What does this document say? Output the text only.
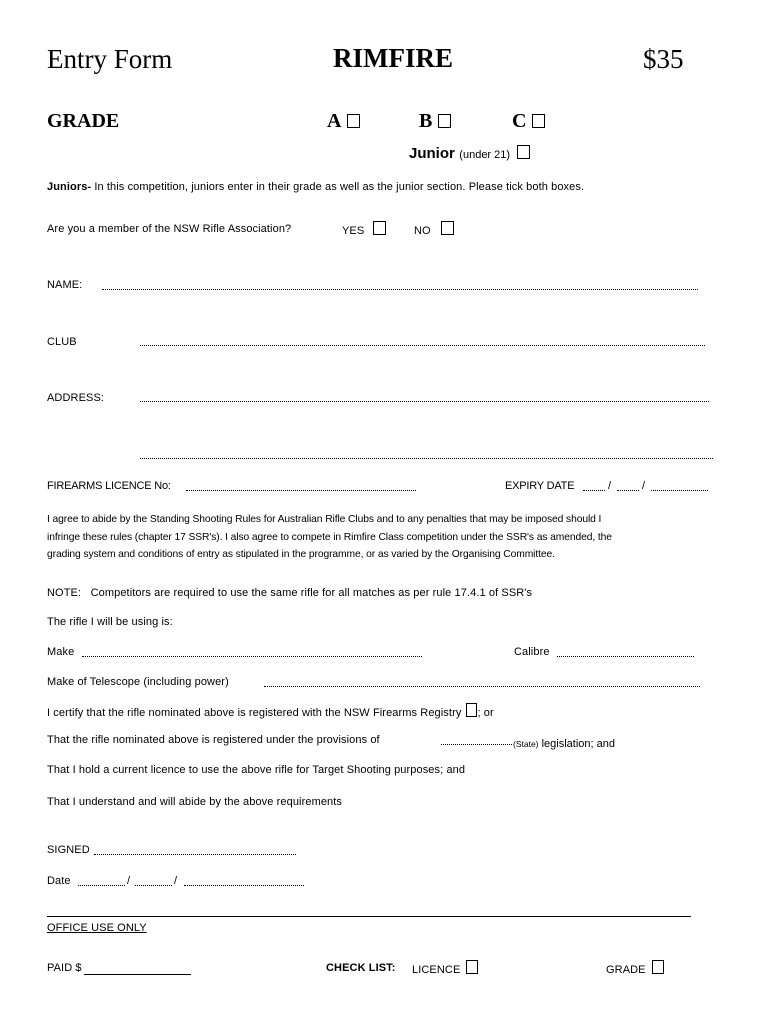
Entry Form	RIMFIRE	$35
GRADE	A	B	C
Junior (under 21)
Juniors- In this competition, juniors enter in their grade as well as the junior section. Please tick both boxes.
Are you a member of the NSW Rifle Association?	YES	NO
NAME:
CLUB
ADDRESS:
FIREARMS LICENCE No:	EXPIRY DATE	/	/
I agree to abide by the Standing Shooting Rules for Australian Rifle Clubs and to any penalties that may be imposed should I
infringe these rules (chapter 17 SSR's). I also agree to compete in Rimfire Class competition under the SSR's as amended, the
grading system and conditions of entry as stipulated in the programme, or as varied by the Organising Committee.
NOTE:   Competitors are required to use the same rifle for all matches as per rule 17.4.1 of SSR's
The rifle I will be using is:
Make	Calibre
Make of Telescope (including power)
I certify that the rifle nominated above is registered with the NSW Firearms Registry ; or
That the rifle nominated above is registered under the provisions of	(State) legislation; and
That I hold a current licence to use the above rifle for Target Shooting purposes; and
That I understand and will abide by the above requirements
SIGNED
Date	/	/
OFFICE USE ONLY
PAID $	CHECK LIST: LICENCE	GRADE
